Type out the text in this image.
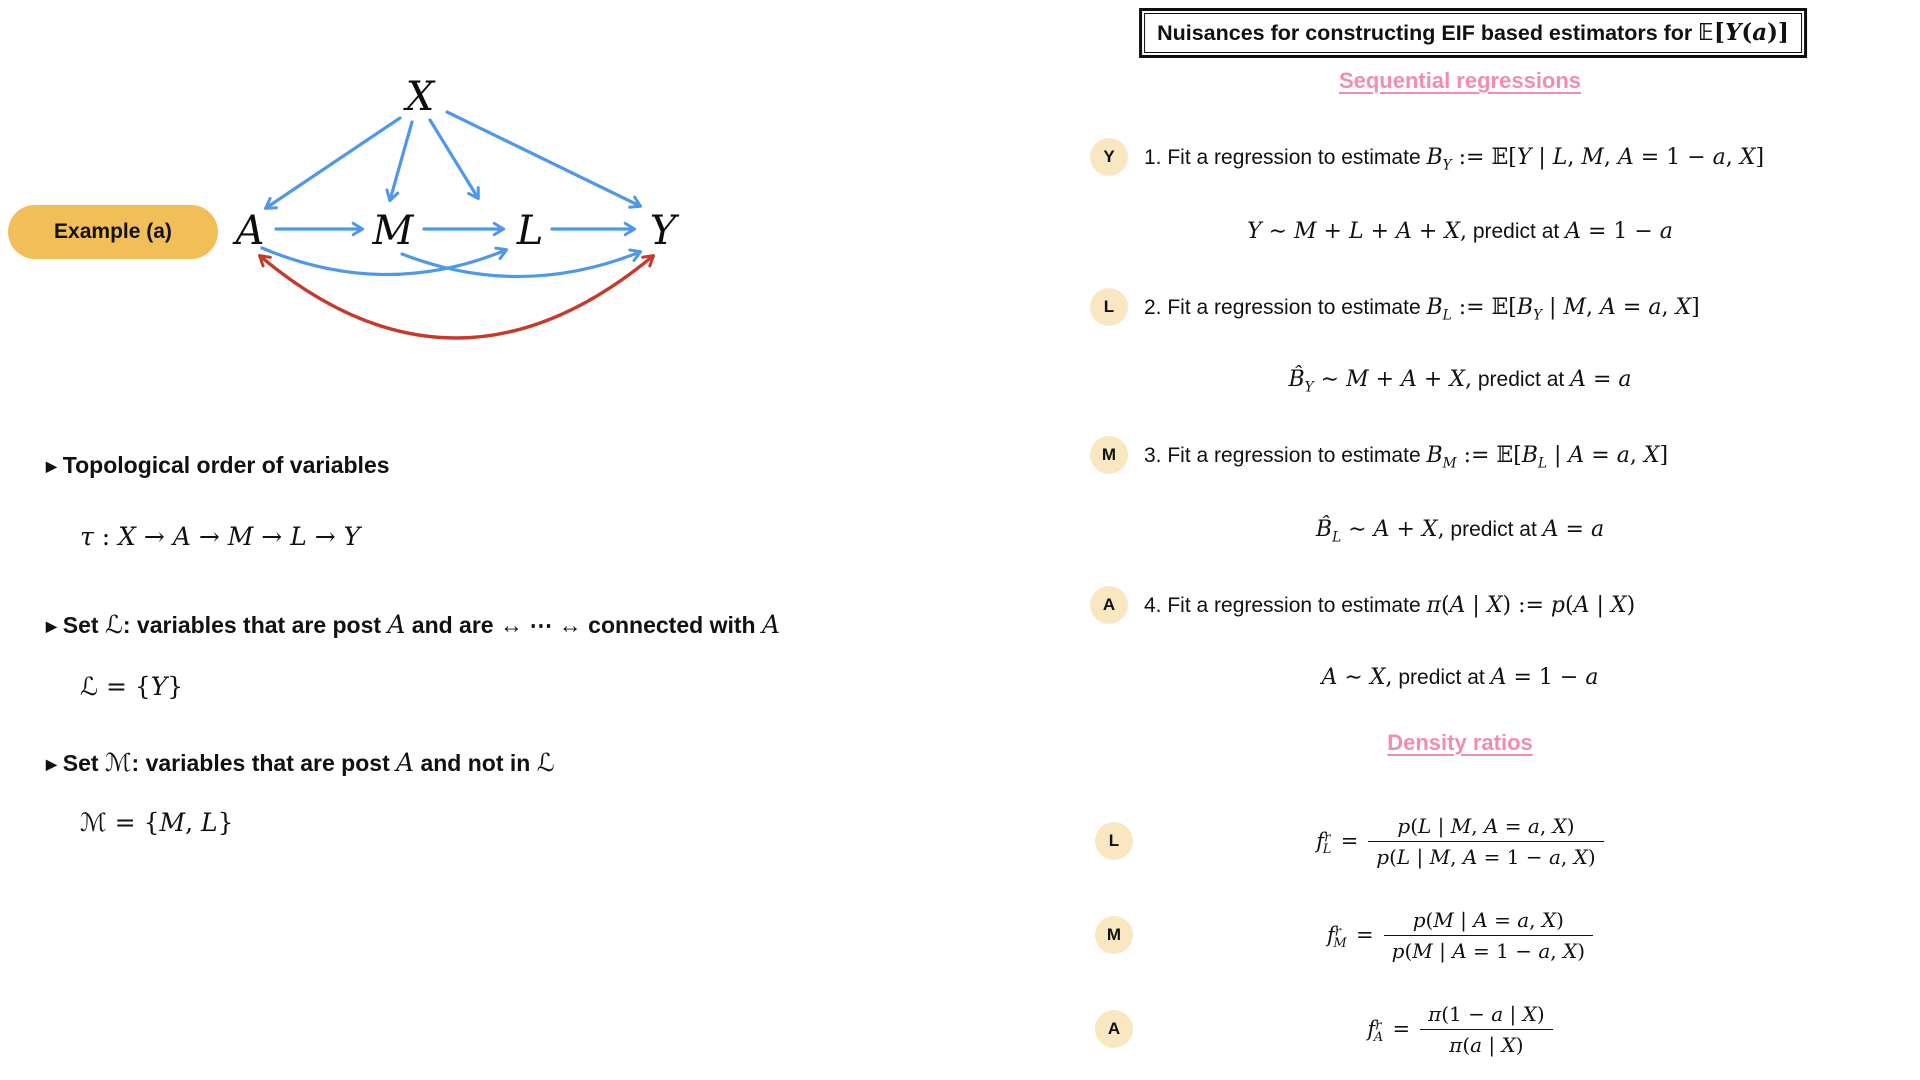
X
A	M	L	Y
Example (a)
▶ Topological order of variables
τ : X → A → M → L → Y
▶ Set ℒ: variables that are post A and are ↔ ⋯ ↔ connected with A
ℒ = {Y}
▶ Set ℳ: variables that are post A and not in ℒ
ℳ = {M, L}
Nuisances for constructing EIF based estimators for 𝔼[Y(a)]
Sequential regressions
Y 1. Fit a regression to estimate $B_Y$ := 𝔼[Y | L, M, A = 1 − a, X]
Y ∼ M + L + A + X, predict at A = 1 − a
L 2. Fit a regression to estimate $B_L$ := $𝔼[B_Y$ | M, A = a, X]
$B̂_Y$ ∼ M + A + X, predict at A = a
M 3. Fit a regression to estimate $B_M$ := $𝔼[B_L$ | A = a, X]
$B̂_L$ ∼ A + X, predict at A = a
A 4. Fit a regression to estimate π(A | X) := p(A | X)
A ∼ X, predict at A = 1 − a
Density ratios
L	$f^r_L = \frac{p(L | M, A = a, X)}{p(L | M, A = 1 - a, X)}$
M	$f^r_M = \frac{p(M | A = a, X)}{p(M | A = 1 - a, X)}$
A	$f^r_A = \frac{\pi(1 - a | X)}{\pi(a | X)}$
